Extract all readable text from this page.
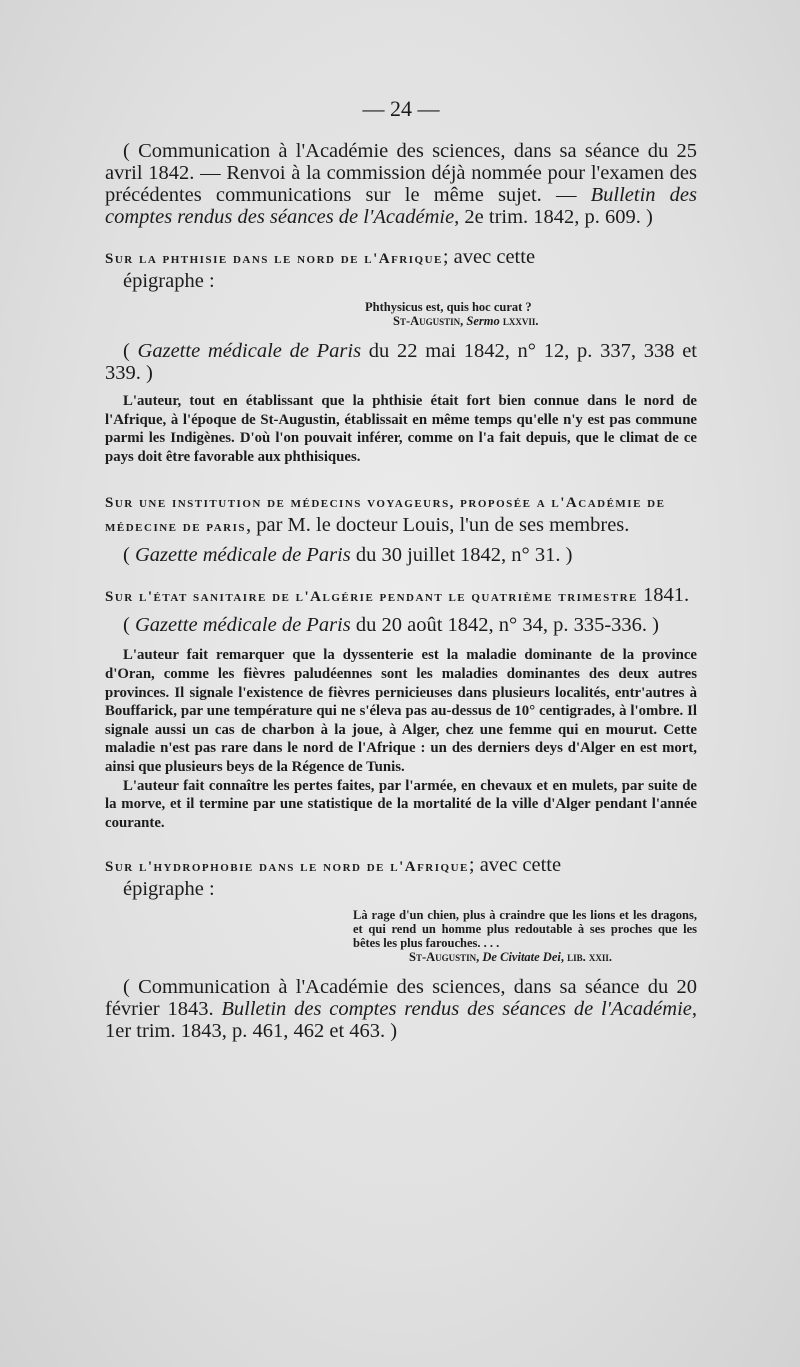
— 24 —

( Communication à l'Académie des sciences, dans sa séance du 25 avril 1842. — Renvoi à la commission déjà nommée pour l'examen des précédentes communications sur le même sujet. — Bulletin des comptes rendus des séances de l'Académie, 2e trim. 1842, p. 609. )

Sur la phthisie dans le nord de l'Afrique; avec cette
épigraphe :
Phthysicus est, quis hoc curat ?
St-Augustin, Sermo lxxvii.

( Gazette médicale de Paris du 22 mai 1842, n° 12, p. 337, 338 et 339. )

L'auteur, tout en établissant que la phthisie était fort bien connue dans le nord de l'Afrique, à l'époque de St-Augustin, établissait en même temps qu'elle n'y est pas commune parmi les Indigènes. D'où l'on pouvait inférer, comme on l'a fait depuis, que le climat de ce pays doit être favorable aux phthisiques.

Sur une institution de médecins voyageurs, proposée a l'Académie de médecine de paris, par M. le docteur Louis, l'un de ses membres.

( Gazette médicale de Paris du 30 juillet 1842, n° 31. )

Sur l'état sanitaire de l'Algérie pendant le quatrième trimestre 1841.

( Gazette médicale de Paris du 20 août 1842, n° 34, p. 335-336. )

L'auteur fait remarquer que la dyssenterie est la maladie dominante de la province d'Oran, comme les fièvres paludéennes sont les maladies dominantes des deux autres provinces. Il signale l'existence de fièvres pernicieuses dans plusieurs localités, entr'autres à Bouffarick, par une température qui ne s'éleva pas au-dessus de 10° centigrades, à l'ombre. Il signale aussi un cas de charbon à la joue, à Alger, chez une femme qui en mourut. Cette maladie n'est pas rare dans le nord de l'Afrique : un des derniers deys d'Alger en est mort, ainsi que plusieurs beys de la Régence de Tunis.

L'auteur fait connaître les pertes faites, par l'armée, en chevaux et en mulets, par suite de la morve, et il termine par une statistique de la mortalité de la ville d'Alger pendant l'année courante.

Sur l'hydrophobie dans le nord de l'Afrique; avec cette
épigraphe :
Là rage d'un chien, plus à craindre que les lions et les dragons, et qui rend un homme plus redoutable à ses proches que les bêtes les plus farouches. . . .
St-Augustin, De Civitate Dei, lib. xxii.

( Communication à l'Académie des sciences, dans sa séance du 20 février 1843. Bulletin des comptes rendus des séances de l'Académie, 1er trim. 1843, p. 461, 462 et 463. )
